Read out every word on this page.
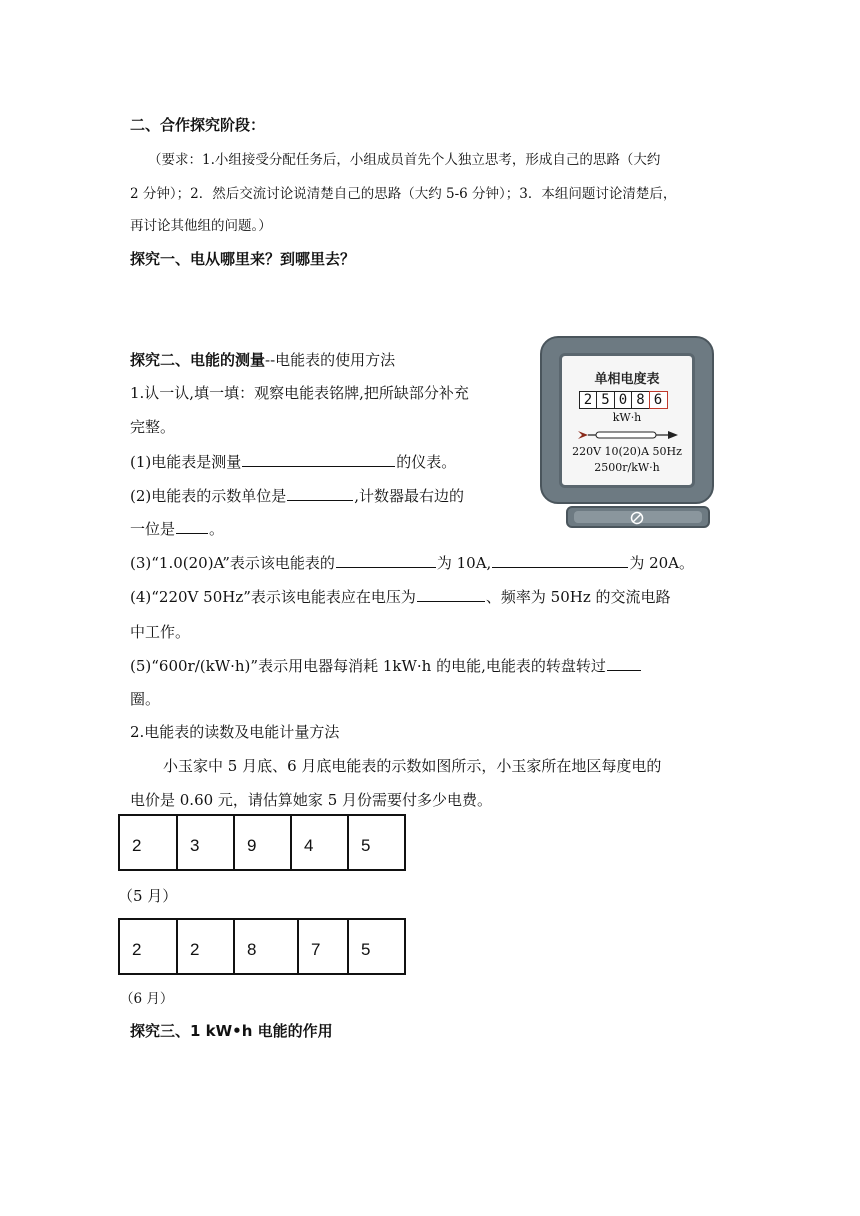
二、合作探究阶段：
（要求：1.小组接受分配任务后，小组成员首先个人独立思考，形成自己的思路（大约
2 分钟）；2．然后交流讨论说清楚自己的思路（大约 5-6 分钟）；3．本组问题讨论清楚后，
再讨论其他组的问题。）
探究一、电从哪里来？到哪里去？
探究二、电能的测量--电能表的使用方法
1.认一认,填一填：观察电能表铭牌,把所缺部分补充
完整。
(1)电能表是测量	的仪表。
(2)电能表的示数单位是	,计数器最右边的
一位是 。
(3)“1.0(20)A”表示该电能表的	为 10A,	为 20A。
(4)“220V 50Hz”表示该电能表应在电压为	、频率为 50Hz 的交流电路
中工作。
(5)“600r/(kW·h)”表示用电器每消耗 1kW·h 的电能,电能表的转盘转过
圈。
2.电能表的读数及电能计量方法
小玉家中 5 月底、6 月底电能表的示数如图所示，小玉家所在地区每度电的
电价是 0.60 元，请估算她家 5 月份需要付多少电费。
2	3	9	4	5
（5 月）
2	2	8	7	5
（6 月）
探究三、1 kW•h 电能的作用
单相电度表
2 5 0 8 6
kW·h
220V 10(20)A 50Hz
2500r/kW·h
